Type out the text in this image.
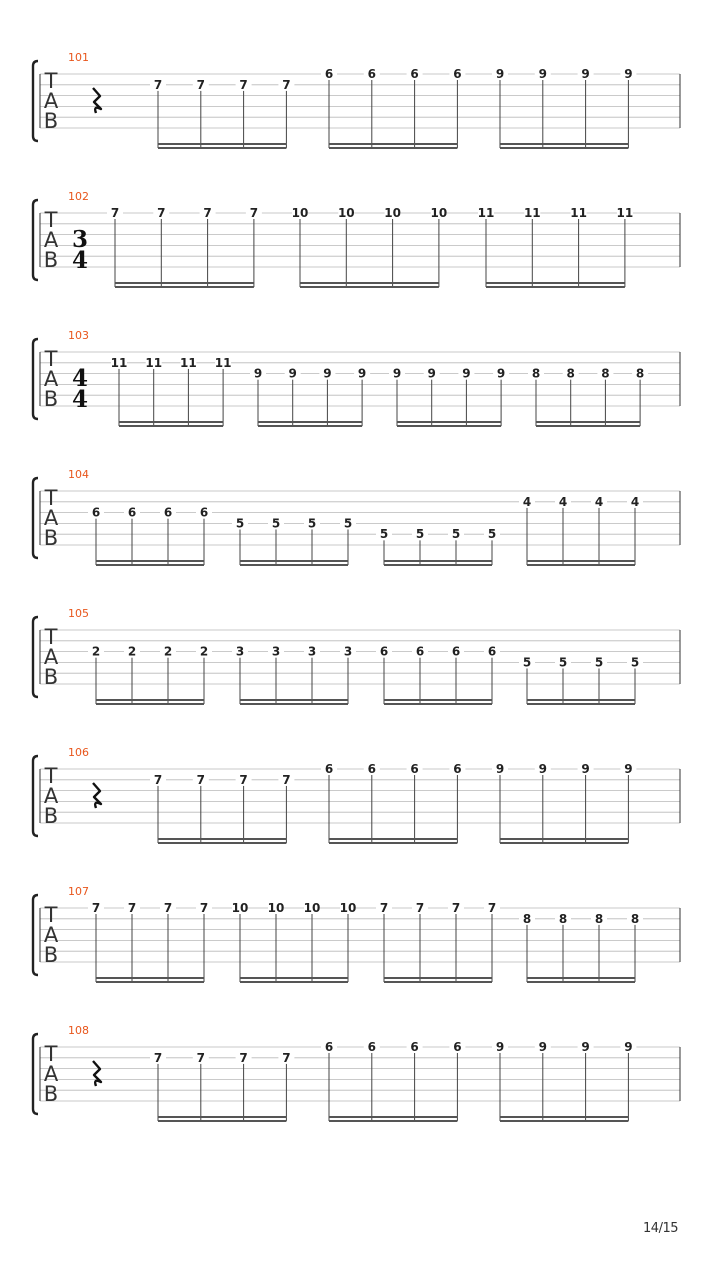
T
A
B
101
7	7	7	7
6	6	6	6	9	9	9	9
T
A
B
102
3
4
7	7	7	7	10 10 10 10	11 11 11 11
T
A
B
103
4
4
11 11 11 11
9 9 9 9 9 9 9 9 8 8 8 8
T
A
B
104
6 6 6 6
5 5 5 5
5 5 5 5
4 4 4 4
T
A
B
105
2 2 2 2 3 3 3 3 6 6 6 6
5 5 5 5
T
A
B
106
7	7	7	7
6	6	6	6	9	9	9	9
T
A
B
107
7 7 7 7 10 10 10 10 7 7 7 7
8 8 8 8
T
A
B
108
7	7	7	7
6	6	6	6	9	9	9	9
14/15
